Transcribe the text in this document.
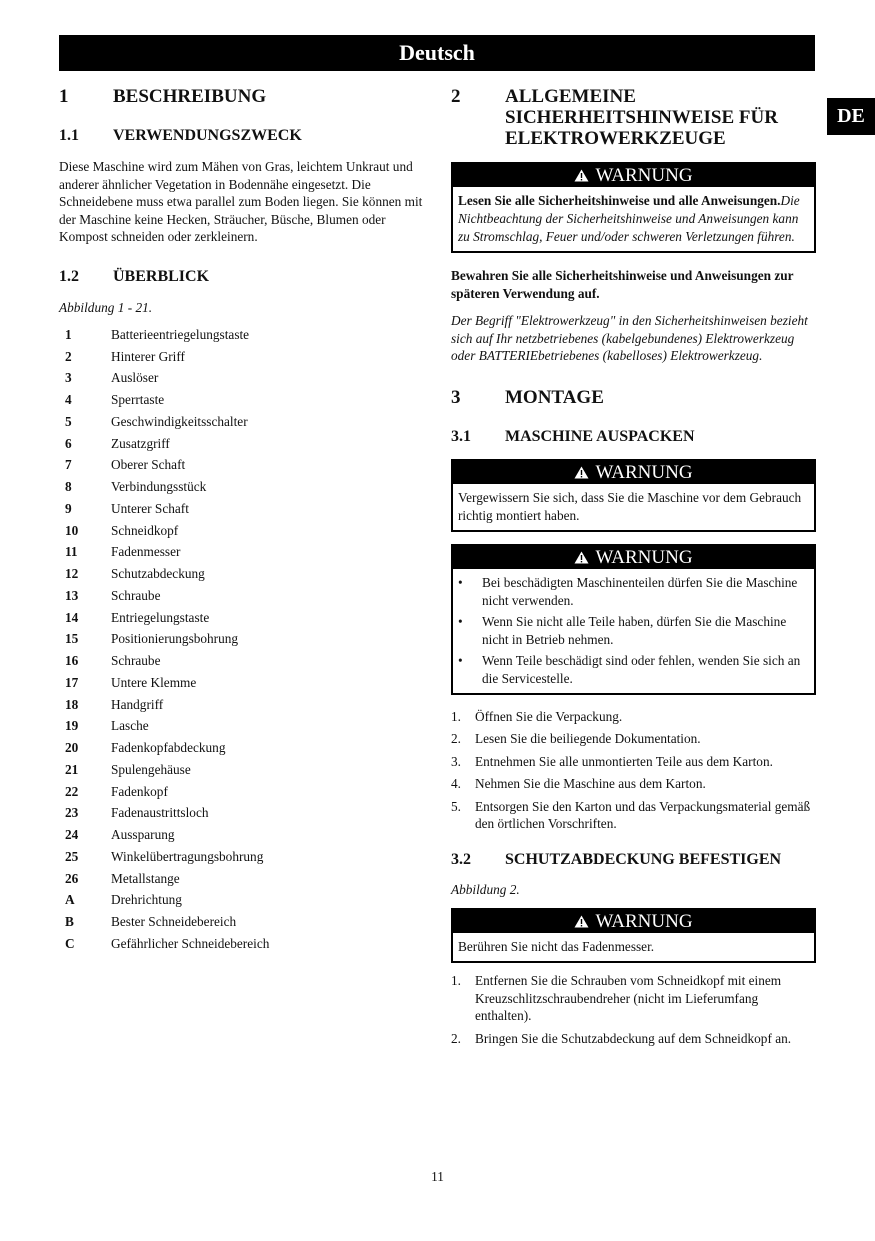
Deutsch
DE
1	BESCHREIBUNG
1.1	VERWENDUNGSZWECK

Diese Maschine wird zum Mähen von Gras, leichtem Unkraut und anderer ähnlicher Vegetation in Bodennähe eingesetzt. Die Schneidebene muss etwa parallel zum Boden liegen. Sie können mit der Maschine keine Hecken, Sträucher, Büsche, Blumen oder Kompost schneiden oder zerkleinern.

1.2	ÜBERBLICK

Abbildung 1 - 21.

1	Batterieentriegelungstaste
2	Hinterer Griff
3	Auslöser
4	Sperrtaste
5	Geschwindigkeitsschalter
6	Zusatzgriff
7	Oberer Schaft
8	Verbindungsstück
9	Unterer Schaft
10	Schneidkopf
11	Fadenmesser
12	Schutzabdeckung
13	Schraube
14	Entriegelungstaste
15	Positionierungsbohrung
16	Schraube
17	Untere Klemme
18	Handgriff
19	Lasche
20	Fadenkopfabdeckung
21	Spulengehäuse
22	Fadenkopf
23	Fadenaustrittsloch
24	Aussparung
25	Winkelübertragungsbohrung
26	Metallstange
A	Drehrichtung
B	Bester Schneidebereich
C	Gefährlicher Schneidebereich
2	ALLGEMEINE SICHERHEITSHINWEISE FÜR ELEKTROWERKZEUGE
WARNUNG
Lesen Sie alle Sicherheitshinweise und alle Anweisungen.Die Nichtbeachtung der Sicherheitshinweise und Anweisungen kann zu Stromschlag, Feuer und/oder schweren Verletzungen führen.

Bewahren Sie alle Sicherheitshinweise und Anweisungen zur späteren Verwendung auf.

Der Begriff "Elektrowerkzeug" in den Sicherheitshinweisen bezieht sich auf Ihr netzbetriebenes (kabelgebundenes) Elektrowerkzeug oder BATTERIEbetriebenes (kabelloses) Elektrowerkzeug.

3	MONTAGE
3.1	MASCHINE AUSPACKEN
WARNUNG
Vergewissern Sie sich, dass Sie die Maschine vor dem Gebrauch richtig montiert haben.
WARNUNG
•	Bei beschädigten Maschinenteilen dürfen Sie die Maschine nicht verwenden.
•	Wenn Sie nicht alle Teile haben, dürfen Sie die Maschine nicht in Betrieb nehmen.
•	Wenn Teile beschädigt sind oder fehlen, wenden Sie sich an die Servicestelle.
1.	Öffnen Sie die Verpackung.
2.	Lesen Sie die beiliegende Dokumentation.
3.	Entnehmen Sie alle unmontierten Teile aus dem Karton.
4.	Nehmen Sie die Maschine aus dem Karton.
5.	Entsorgen Sie den Karton und das Verpackungsmaterial gemäß den örtlichen Vorschriften.
3.2	SCHUTZABDECKUNG BEFESTIGEN

Abbildung 2.

WARNUNG
Berühren Sie nicht das Fadenmesser.
1.	Entfernen Sie die Schrauben vom Schneidkopf mit einem Kreuzschlitzschraubendreher (nicht im Lieferumfang enthalten).
2.	Bringen Sie die Schutzabdeckung auf dem Schneidkopf an.
11
